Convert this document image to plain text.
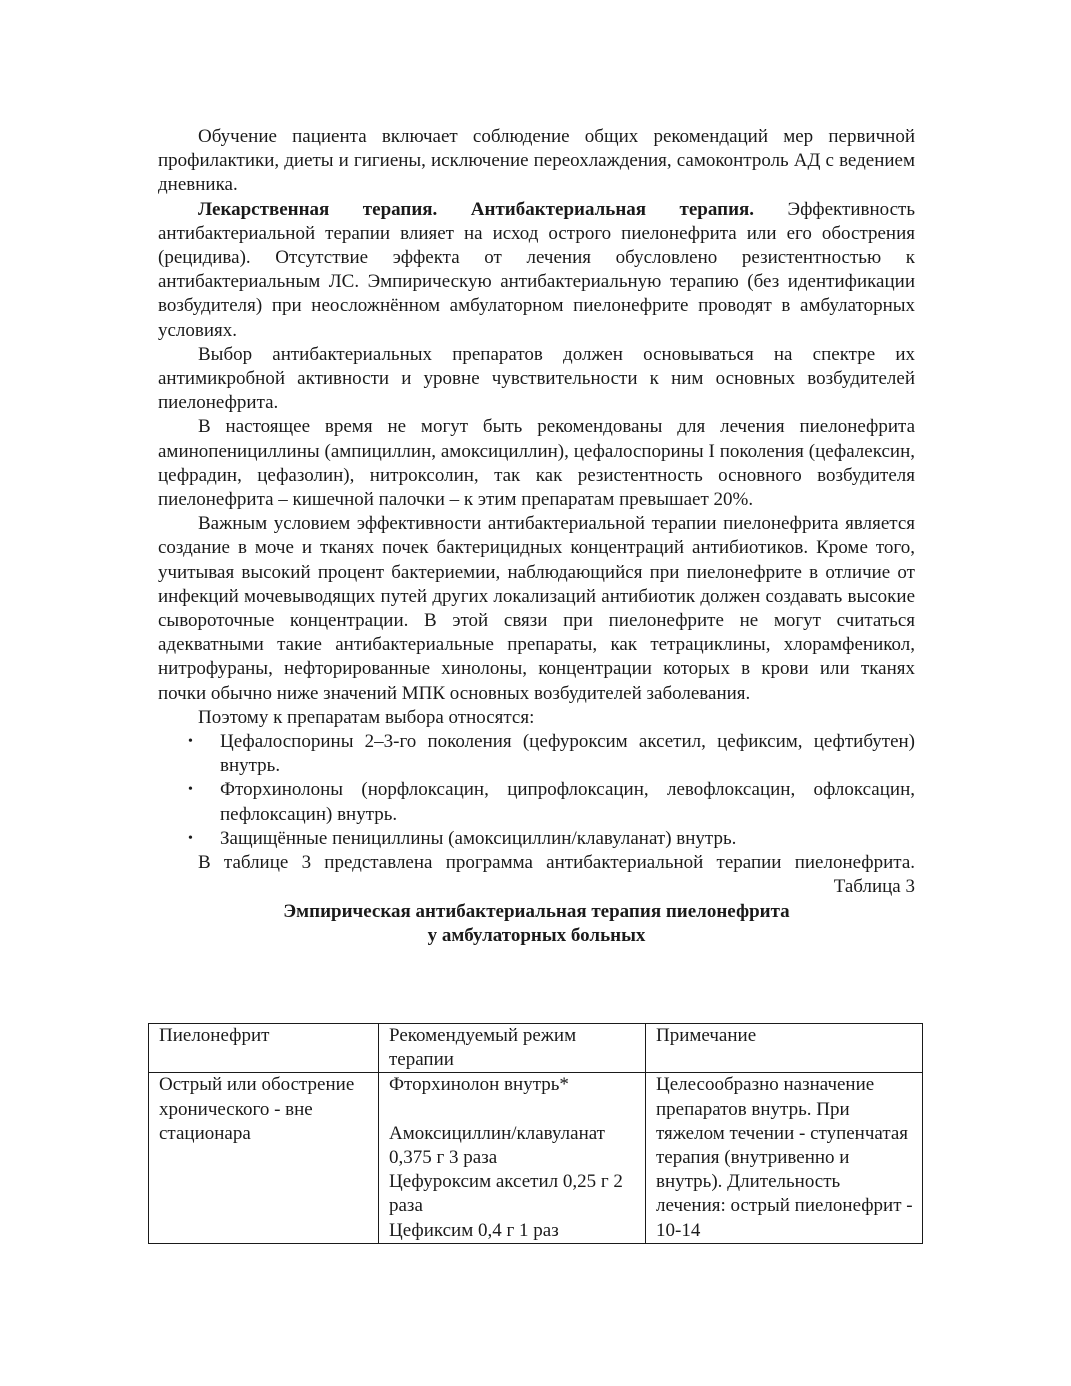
Обучение пациента включает соблюдение общих рекомендаций мер первичной профилактики, диеты и гигиены, исключение переохлаждения, самоконтроль АД с ведением дневника.

Лекарственная терапия. Антибактериальная терапия. Эффективность антибактериальной терапии влияет на исход острого пиелонефрита или его обострения (рецидива). Отсутствие эффекта от лечения обусловлено резистентностью к антибактериальным ЛС. Эмпирическую антибактериальную терапию (без идентификации возбудителя) при неосложнённом амбулаторном пиелонефрите проводят в амбулаторных условиях.

Выбор антибактериальных препаратов должен основываться на спектре их антимикробной активности и уровне чувствительности к ним основных возбудителей пиелонефрита.

В настоящее время не могут быть рекомендованы для лечения пиелонефрита аминопенициллины (ампициллин, амоксициллин), цефалоспорины I поколения (цефалексин, цефрадин, цефазолин), нитроксолин, так как резистентность основного возбудителя пиелонефрита – кишечной палочки – к этим препаратам превышает 20%.

Важным условием эффективности антибактериальной терапии пиелонефрита является создание в моче и тканях почек бактерицидных концентраций антибиотиков. Кроме того, учитывая высокий процент бактериемии, наблюдающийся при пиелонефрите в отличие от инфекций мочевыводящих путей других локализаций антибиотик должен создавать высокие сывороточные концентрации. В этой связи при пиелонефрите не могут считаться адекватными такие антибактериальные препараты, как тетрациклины, хлорамфеникол, нитрофураны, нефторированные хинолоны, концентрации которых в крови или тканях почки обычно ниже значений МПК основных возбудителей заболевания.

Поэтому к препаратам выбора относятся:

• Цефалоспорины 2–3-го поколения (цефуроксим аксетил, цефиксим, цефтибутен) внутрь.
• Фторхинолоны (норфлоксацин, ципрофлоксацин, левофлоксацин, офлоксацин, пефлоксацин) внутрь.
• Защищённые пенициллины (амоксициллин/клавуланат) внутрь.

В таблице 3 представлена программа антибактериальной терапии пиелонефрита.

Таблица 3
Эмпирическая антибактериальная терапия пиелонефрита
у амбулаторных больных
Пиелонефрит	Рекомендуемый режим терапии	Примечание
Острый или обострение хронического - вне стационара	Фторхинолон внутрь*
Амоксициллин/клавуланат 0,375 г 3 раза
Цефуроксим аксетил 0,25 г 2 раза
Цефиксим 0,4 г 1 раз	Целесообразно назначение препаратов внутрь. При тяжелом течении - ступенчатая терапия (внутривенно и внутрь). Длительность лечения: острый пиелонефрит - 10-14
